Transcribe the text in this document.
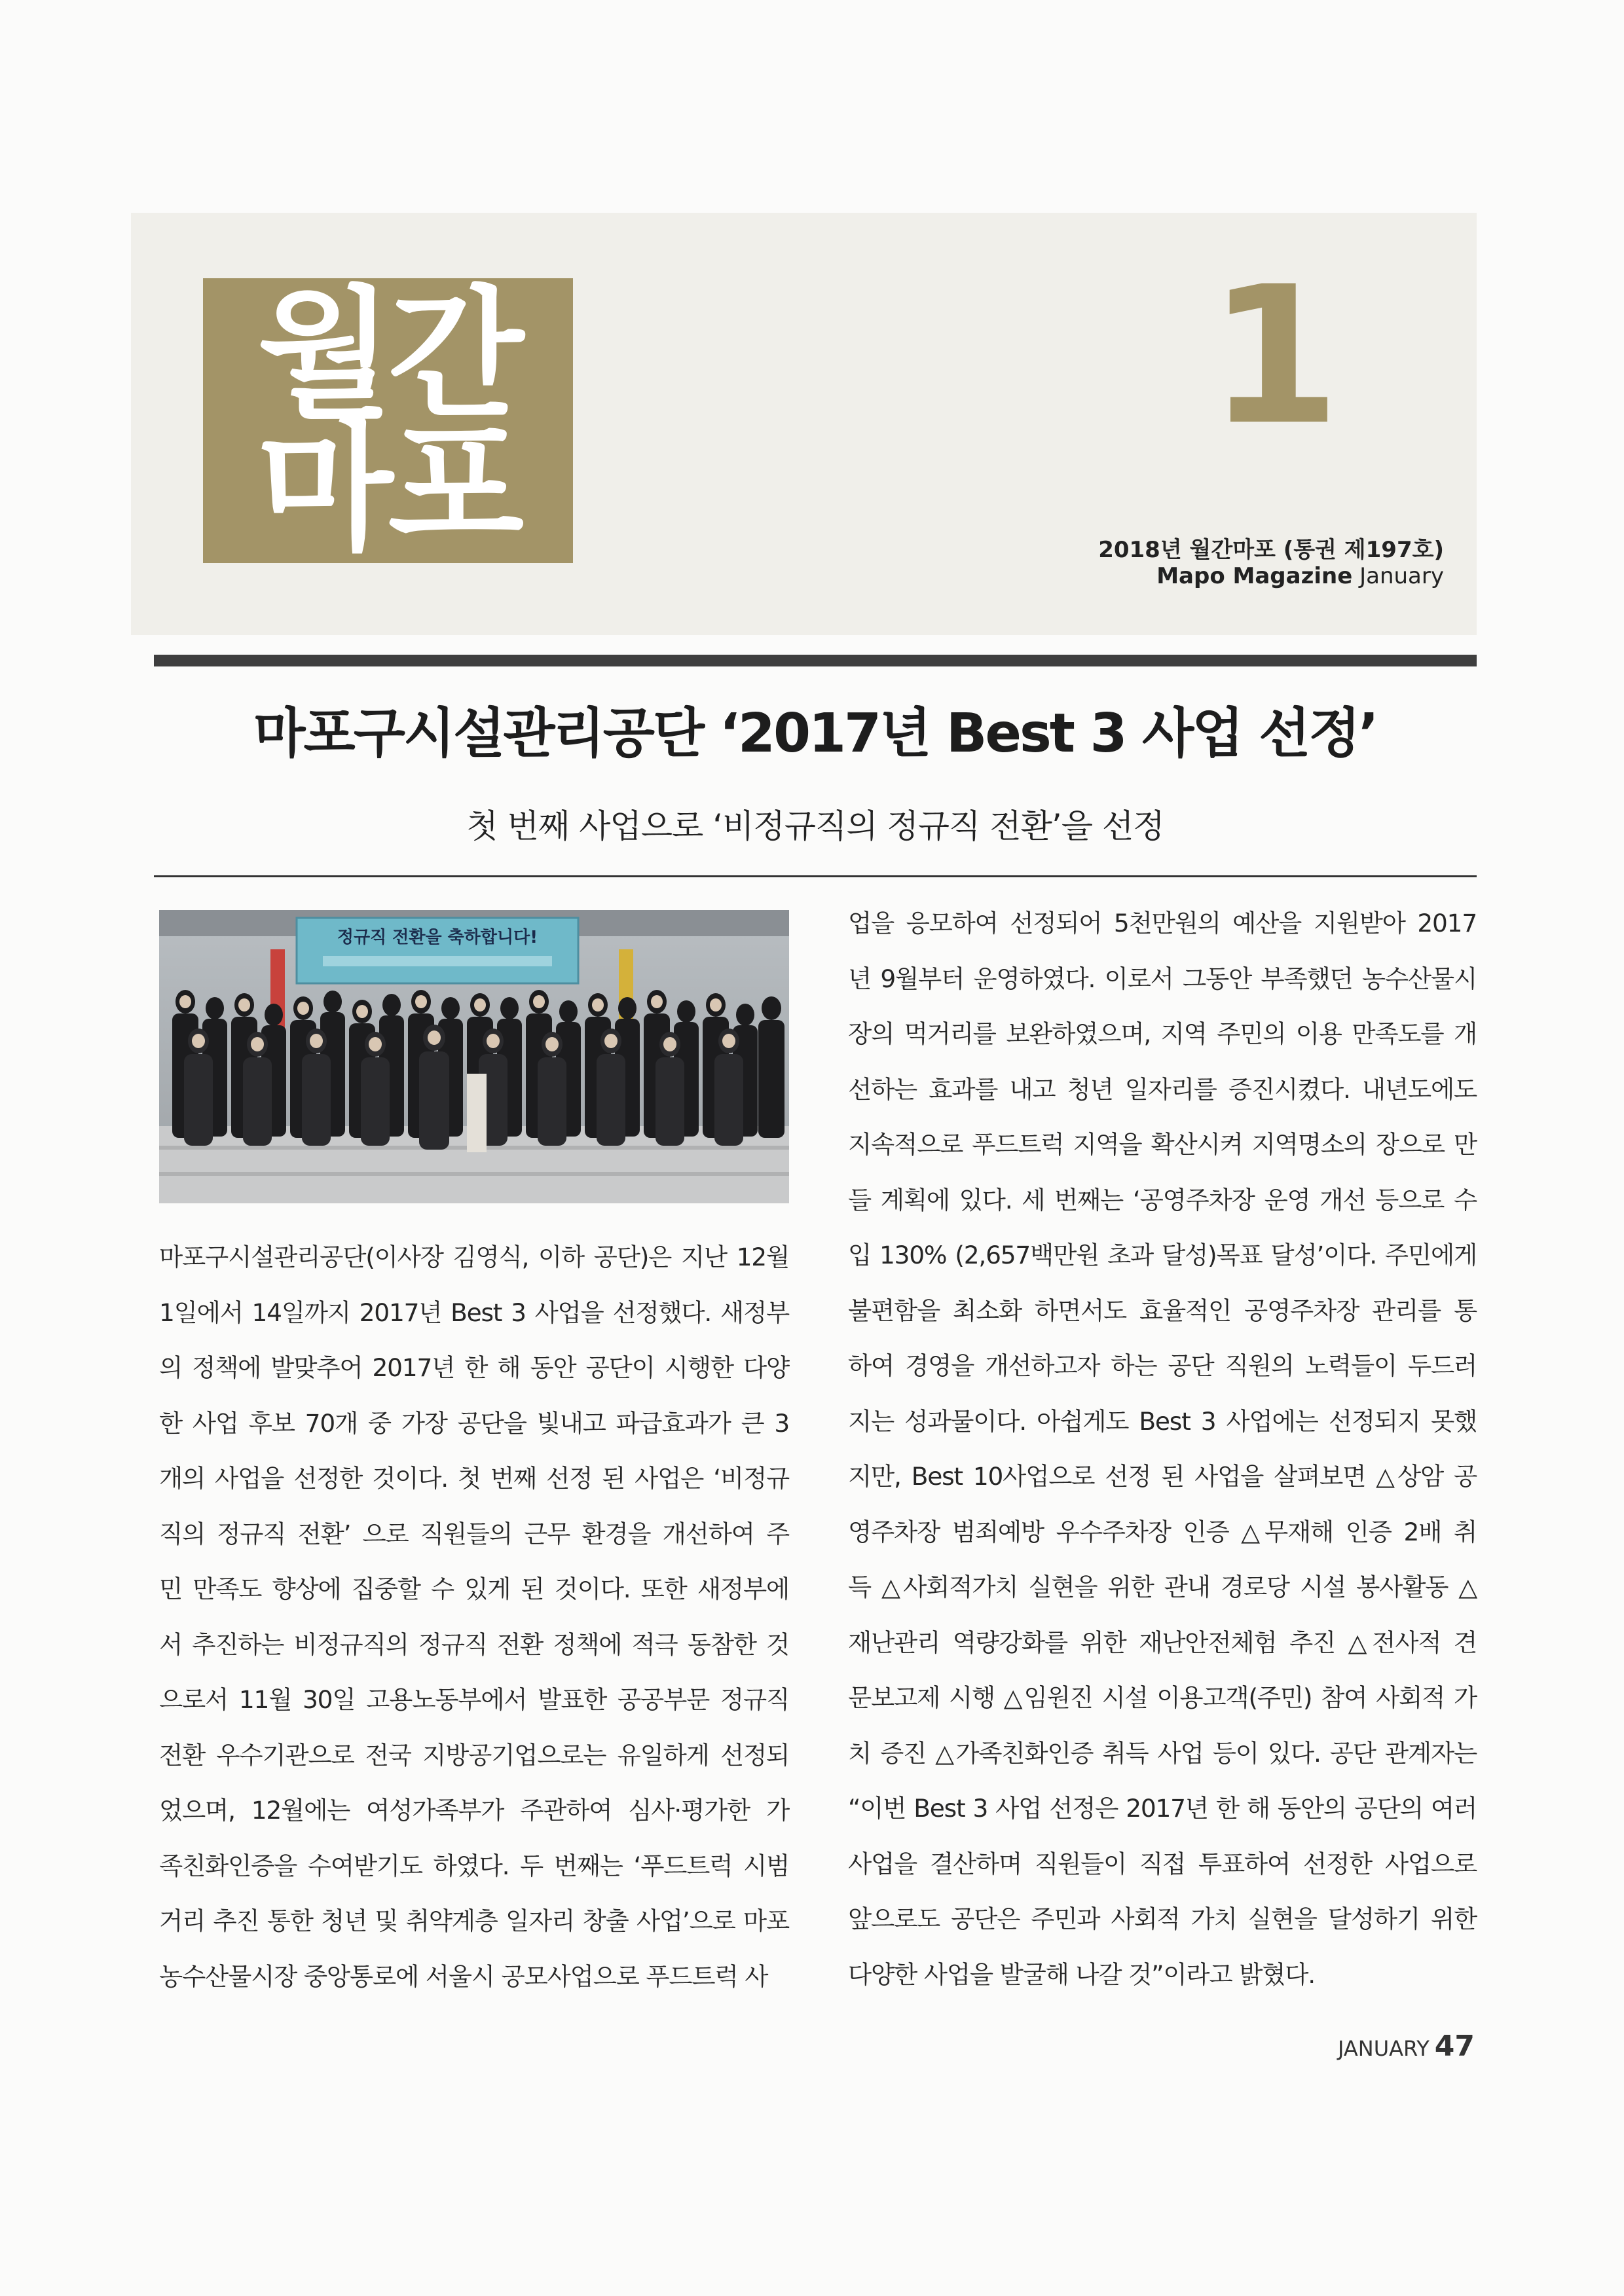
월간
마포
1
2018년 월간마포 (통권 제197호)
Mapo Magazine January
마포구시설관리공단 ‘2017년 Best 3 사업 선정’
첫 번째 사업으로 ‘비정규직의 정규직 전환’을 선정
정규직 전환을 축하합니다!
마포구시설관리공단(이사장 김영식, 이하 공단)은 지난 12월
1일에서 14일까지 2017년 Best 3 사업을 선정했다. 새정부
의 정책에 발맞추어 2017년 한 해 동안 공단이 시행한 다양
한 사업 후보 70개 중 가장 공단을 빛내고 파급효과가 큰 3
개의 사업을 선정한 것이다. 첫 번째 선정 된 사업은 ‘비정규
직의 정규직 전환’ 으로 직원들의 근무 환경을 개선하여 주
민 만족도 향상에 집중할 수 있게 된 것이다. 또한 새정부에
서 추진하는 비정규직의 정규직 전환 정책에 적극 동참한 것
으로서 11월 30일 고용노동부에서 발표한 공공부문 정규직
전환 우수기관으로 전국 지방공기업으로는 유일하게 선정되
었으며, 12월에는 여성가족부가 주관하여 심사·평가한 가
족친화인증을 수여받기도 하였다. 두 번째는 ‘푸드트럭 시범
거리 추진 통한 청년 및 취약계층 일자리 창출 사업’으로 마포
농수산물시장 중앙통로에 서울시 공모사업으로 푸드트럭 사
업을 응모하여 선정되어 5천만원의 예산을 지원받아 2017
년 9월부터 운영하였다. 이로서 그동안 부족했던 농수산물시
장의 먹거리를 보완하였으며, 지역 주민의 이용 만족도를 개
선하는 효과를 내고 청년 일자리를 증진시켰다. 내년도에도
지속적으로 푸드트럭 지역을 확산시켜 지역명소의 장으로 만
들 계획에 있다. 세 번째는 ‘공영주차장 운영 개선 등으로 수
입 130% (2,657백만원 초과 달성)목표 달성’이다. 주민에게
불편함을 최소화 하면서도 효율적인 공영주차장 관리를 통
하여 경영을 개선하고자 하는 공단 직원의 노력들이 두드러
지는 성과물이다. 아쉽게도 Best 3 사업에는 선정되지 못했
지만, Best 10사업으로 선정 된 사업을 살펴보면 △상암 공
영주차장 범죄예방 우수주차장 인증 △무재해 인증 2배 취
득 △사회적가치 실현을 위한 관내 경로당 시설 봉사활동 △
재난관리 역량강화를 위한 재난안전체험 추진 △전사적 견
문보고제 시행 △임원진 시설 이용고객(주민) 참여 사회적 가
치 증진 △가족친화인증 취득 사업 등이 있다. 공단 관계자는
“이번 Best 3 사업 선정은 2017년 한 해 동안의 공단의 여러
사업을 결산하며 직원들이 직접 투표하여 선정한 사업으로
앞으로도 공단은 주민과 사회적 가치 실현을 달성하기 위한
다양한 사업을 발굴해 나갈 것”이라고 밝혔다.
JANUARY 47
